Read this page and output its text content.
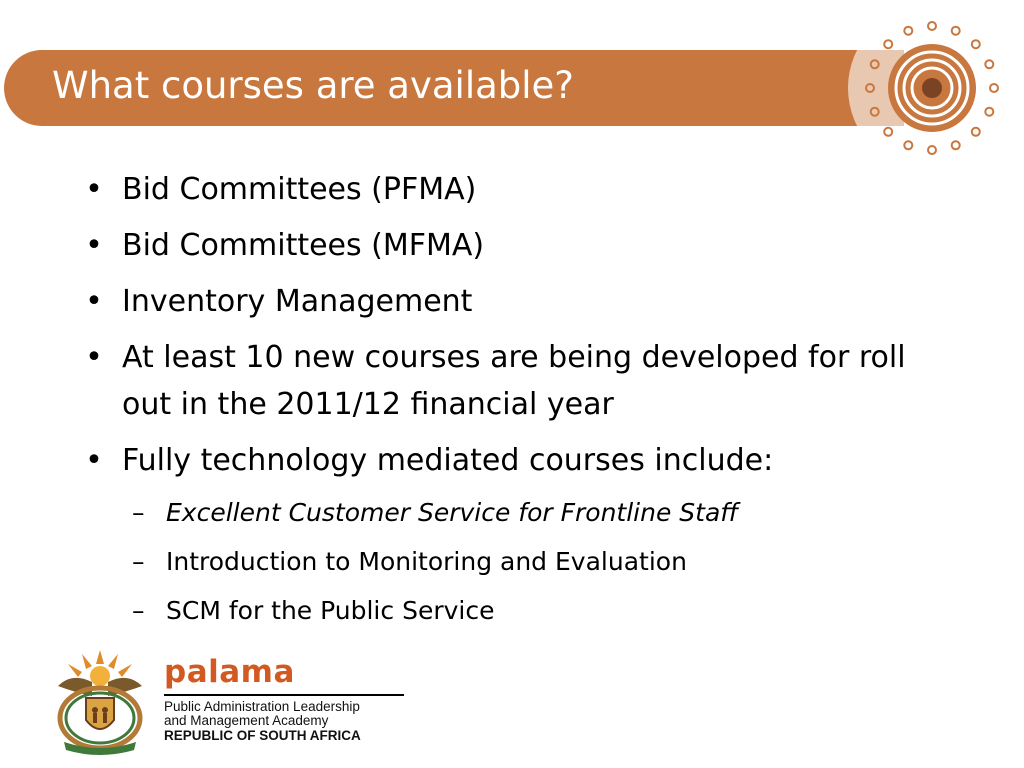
What courses are available?
• Bid Committees (PFMA)
• Bid Committees (MFMA)
• Inventory Management
• At least 10 new courses are being developed for roll out in the 2011/12 financial year
• Fully technology mediated courses include:
– Excellent Customer Service for Frontline Staff
– Introduction to Monitoring and Evaluation
– SCM for the Public Service
palama
Public Administration Leadership
and Management Academy
REPUBLIC OF SOUTH AFRICA
